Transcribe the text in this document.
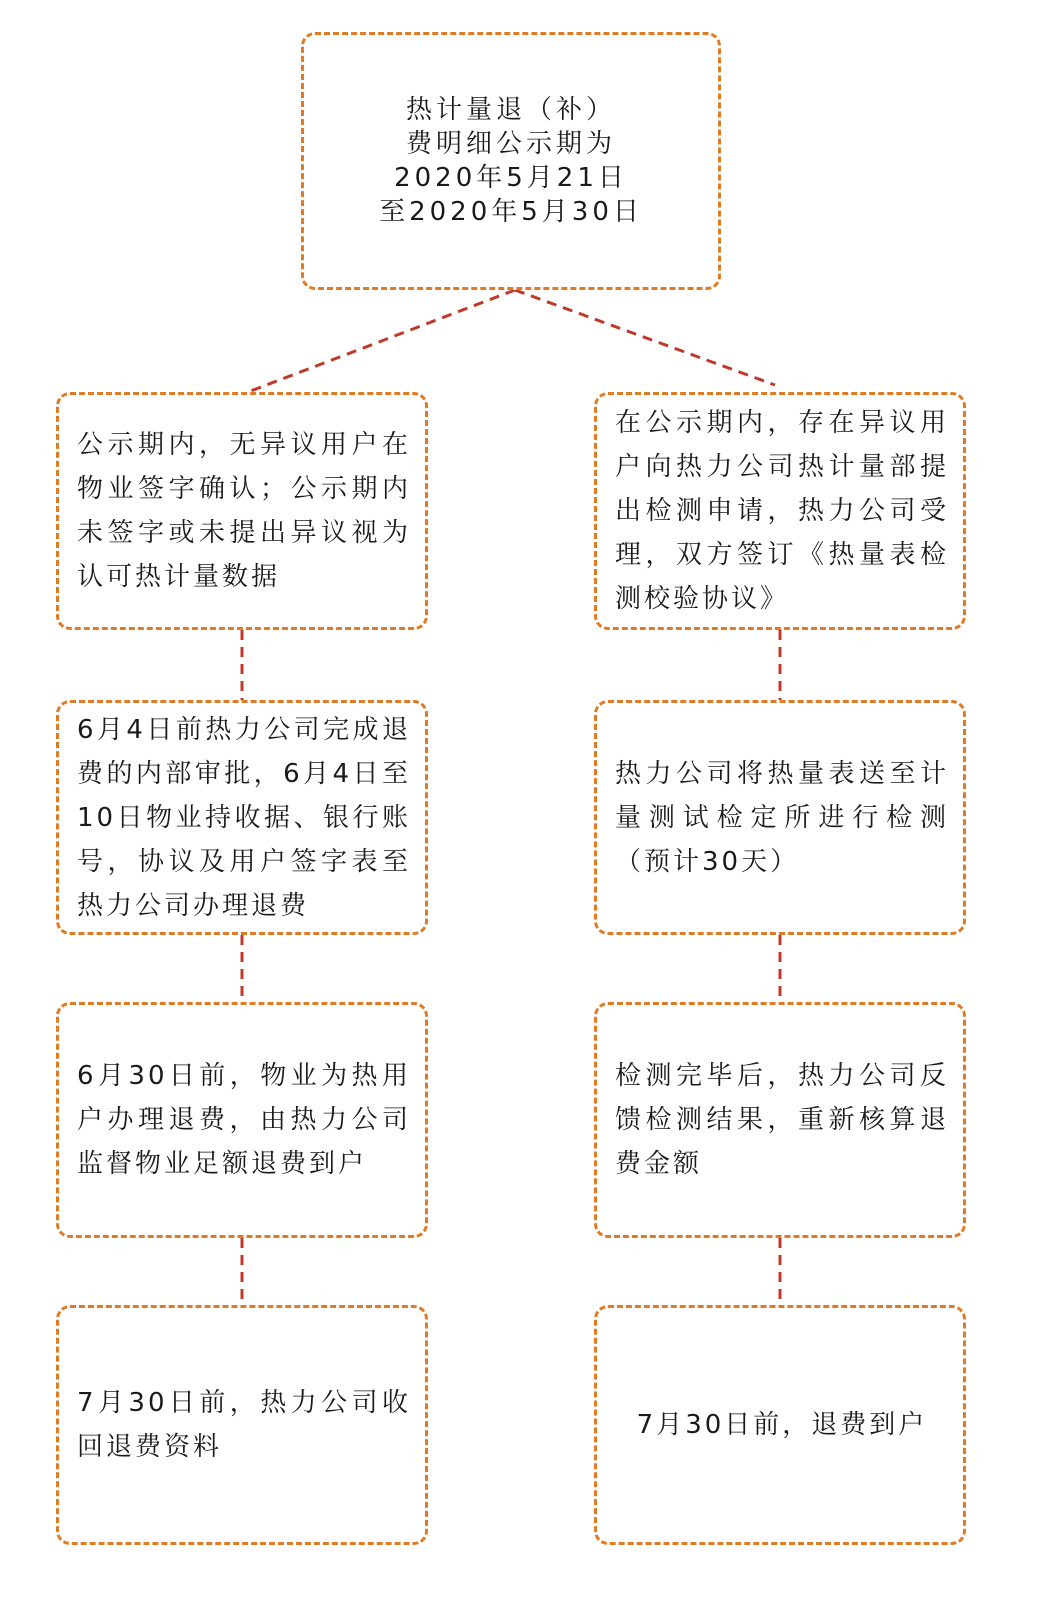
热计量退（补）
费明细公示期为
2020年5月21日
至2020年5月30日
公示期内，无异议用户在物业签字确认；公示期内未签字或未提出异议视为认可热计量数据
6月4日前热力公司完成退费的内部审批，6月4日至10日物业持收据、银行账号，协议及用户签字表至热力公司办理退费
6月30日前，物业为热用户办理退费，由热力公司监督物业足额退费到户
7月30日前，热力公司收回退费资料
在公示期内，存在异议用户向热力公司热计量部提出检测申请，热力公司受理，双方签订《热量表检测校验协议》
热力公司将热量表送至计量测试检定所进行检测（预计30天）
检测完毕后，热力公司反馈检测结果，重新核算退费金额
7月30日前，退费到户
